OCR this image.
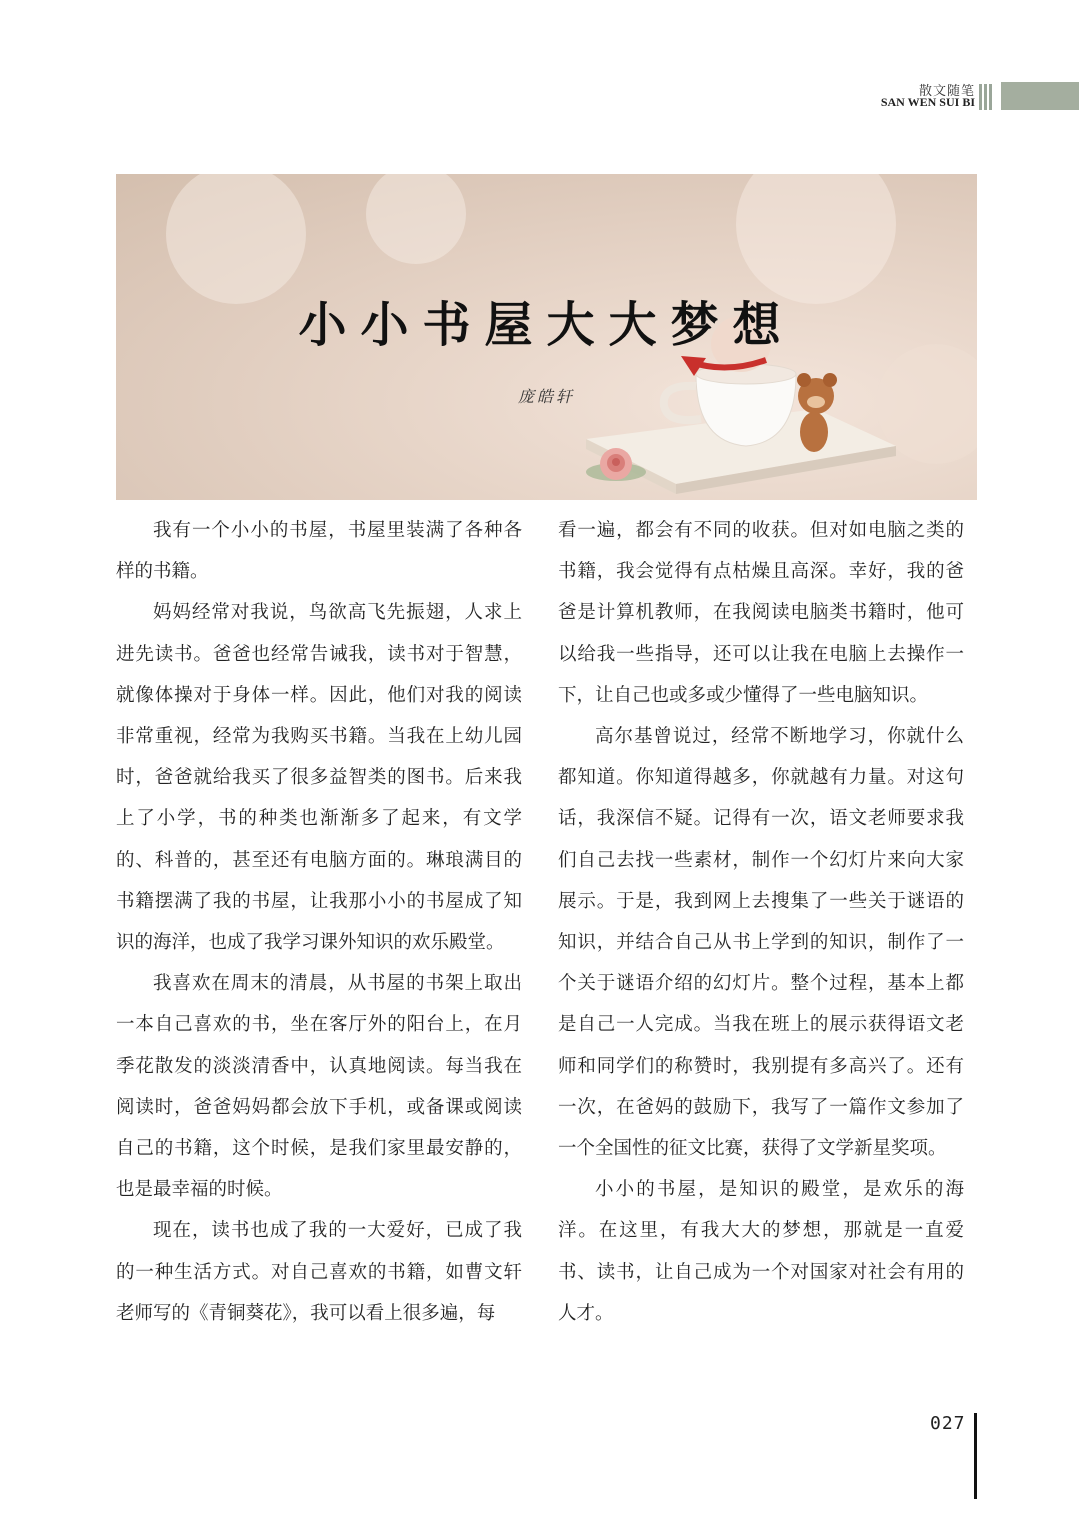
散文随笔
SAN WEN SUI BI
小小书屋大大梦想
庞皓轩

我有一个小小的书屋，书屋里装满了各种各样的书籍。

妈妈经常对我说，鸟欲高飞先振翅，人求上进先读书。爸爸也经常告诫我，读书对于智慧，就像体操对于身体一样。因此，他们对我的阅读非常重视，经常为我购买书籍。当我在上幼儿园时，爸爸就给我买了很多益智类的图书。后来我上了小学，书的种类也渐渐多了起来，有文学的、科普的，甚至还有电脑方面的。琳琅满目的书籍摆满了我的书屋，让我那小小的书屋成了知识的海洋，也成了我学习课外知识的欢乐殿堂。

我喜欢在周末的清晨，从书屋的书架上取出一本自己喜欢的书，坐在客厅外的阳台上，在月季花散发的淡淡清香中，认真地阅读。每当我在阅读时，爸爸妈妈都会放下手机，或备课或阅读自己的书籍，这个时候，是我们家里最安静的，也是最幸福的时候。

现在，读书也成了我的一大爱好，已成了我的一种生活方式。对自己喜欢的书籍，如曹文轩老师写的《青铜葵花》，我可以看上很多遍，每

看一遍，都会有不同的收获。但对如电脑之类的书籍，我会觉得有点枯燥且高深。幸好，我的爸爸是计算机教师，在我阅读电脑类书籍时，他可以给我一些指导，还可以让我在电脑上去操作一下，让自己也或多或少懂得了一些电脑知识。

高尔基曾说过，经常不断地学习，你就什么都知道。你知道得越多，你就越有力量。对这句话，我深信不疑。记得有一次，语文老师要求我们自己去找一些素材，制作一个幻灯片来向大家展示。于是，我到网上去搜集了一些关于谜语的知识，并结合自己从书上学到的知识，制作了一个关于谜语介绍的幻灯片。整个过程，基本上都是自己一人完成。当我在班上的展示获得语文老师和同学们的称赞时，我别提有多高兴了。还有一次，在爸妈的鼓励下，我写了一篇作文参加了一个全国性的征文比赛，获得了文学新星奖项。

小小的书屋，是知识的殿堂，是欢乐的海洋。在这里，有我大大的梦想，那就是一直爱书、读书，让自己成为一个对国家对社会有用的人才。

027
